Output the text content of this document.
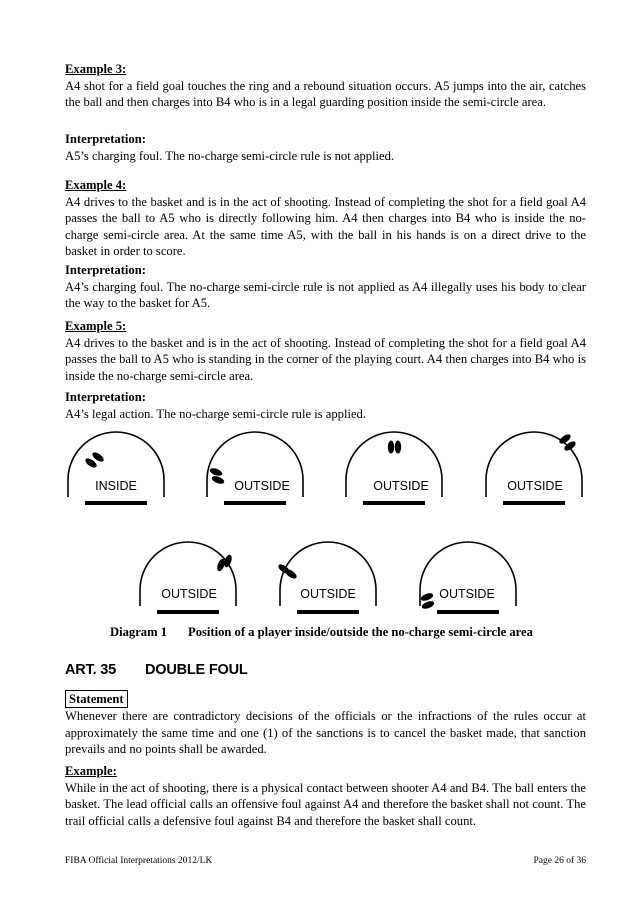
Example 3:
A4 shot for a field goal touches the ring and a rebound situation occurs. A5 jumps into the air, catches the ball and then charges into B4 who is in a legal guarding position inside the semi-circle area.
Interpretation:
A5’s charging foul. The no-charge semi-circle rule is not applied.
Example 4:
A4 drives to the basket and is in the act of shooting. Instead of completing the shot for a field goal A4 passes the ball to A5 who is directly following him. A4 then charges into B4 who is inside the no-charge semi-circle area. At the same time A5, with the ball in his hands is on a direct drive to the basket in order to score.
Interpretation:
A4’s charging foul. The no-charge semi-circle rule is not applied as A4 illegally uses his body to clear the way to the basket for A5.
Example 5:
A4 drives to the basket and is in the act of shooting. Instead of completing the shot for a field goal A4 passes the ball to A5 who is standing in the corner of the playing court. A4 then charges into B4 who is inside the no-charge semi-circle area.
Interpretation:
A4’s legal action. The no-charge semi-circle rule is applied.
Diagram 1 Position of a player inside/outside the no-charge semi-circle area
ART. 35 DOUBLE FOUL
Statement
Whenever there are contradictory decisions of the officials or the infractions of the rules occur at approximately the same time and one (1) of the sanctions is to cancel the basket made, that sanction prevails and no points shall be awarded.
Example:
While in the act of shooting, there is a physical contact between shooter A4 and B4. The ball enters the basket. The lead official calls an offensive foul against A4 and therefore the basket shall not count. The trail official calls a defensive foul against B4 and therefore the basket shall count.
FIBA Official Interpretations 2012/LK	Page 26 of 36
INSIDE	OUTSIDE	OUTSIDE	OUTSIDE
OUTSIDE	OUTSIDE	OUTSIDE
